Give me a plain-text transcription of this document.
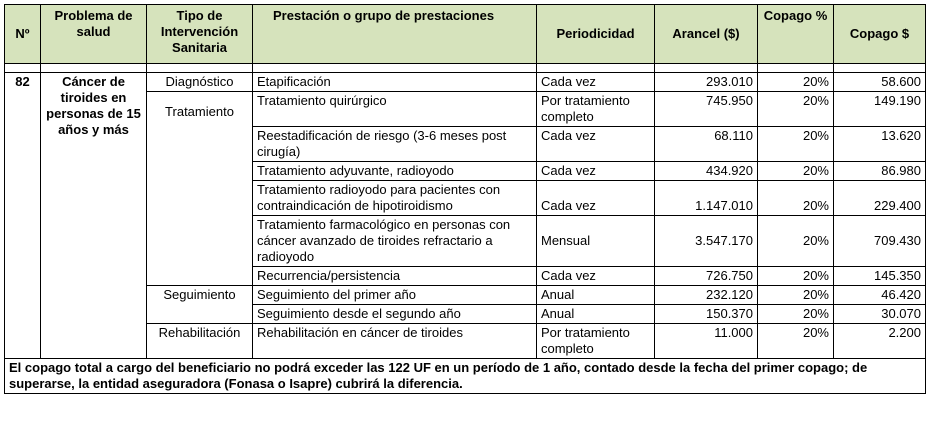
Nº	Problema de salud	Tipo de Intervención Sanitaria	Prestación o grupo de prestaciones	Periodicidad	Arancel ($)	Copago %	Copago $

82	Cáncer de tiroides en personas de 15 años y más	Diagnóstico	Etapificación	Cada vez	293.010	20%	58.600
		Tratamiento	Tratamiento quirúrgico	Por tratamiento completo	745.950	20%	149.190
			Reestadificación de riesgo (3-6 meses post cirugía)	Cada vez	68.110	20%	13.620
			Tratamiento adyuvante, radioyodo	Cada vez	434.920	20%	86.980
			Tratamiento radioyodo para pacientes con contraindicación de hipotiroidismo	Cada vez	1.147.010	20%	229.400
			Tratamiento farmacológico en personas con cáncer avanzado de tiroides refractario a radioyodo	Mensual	3.547.170	20%	709.430
			Recurrencia/persistencia	Cada vez	726.750	20%	145.350
		Seguimiento	Seguimiento del primer año	Anual	232.120	20%	46.420
			Seguimiento desde el segundo año	Anual	150.370	20%	30.070
		Rehabilitación	Rehabilitación en cáncer de tiroides	Por tratamiento completo	11.000	20%	2.200
El copago total a cargo del beneficiario no podrá exceder las 122 UF en un período de 1 año, contado desde la fecha del primer copago; de superarse, la entidad aseguradora (Fonasa o Isapre) cubrirá la diferencia.							
